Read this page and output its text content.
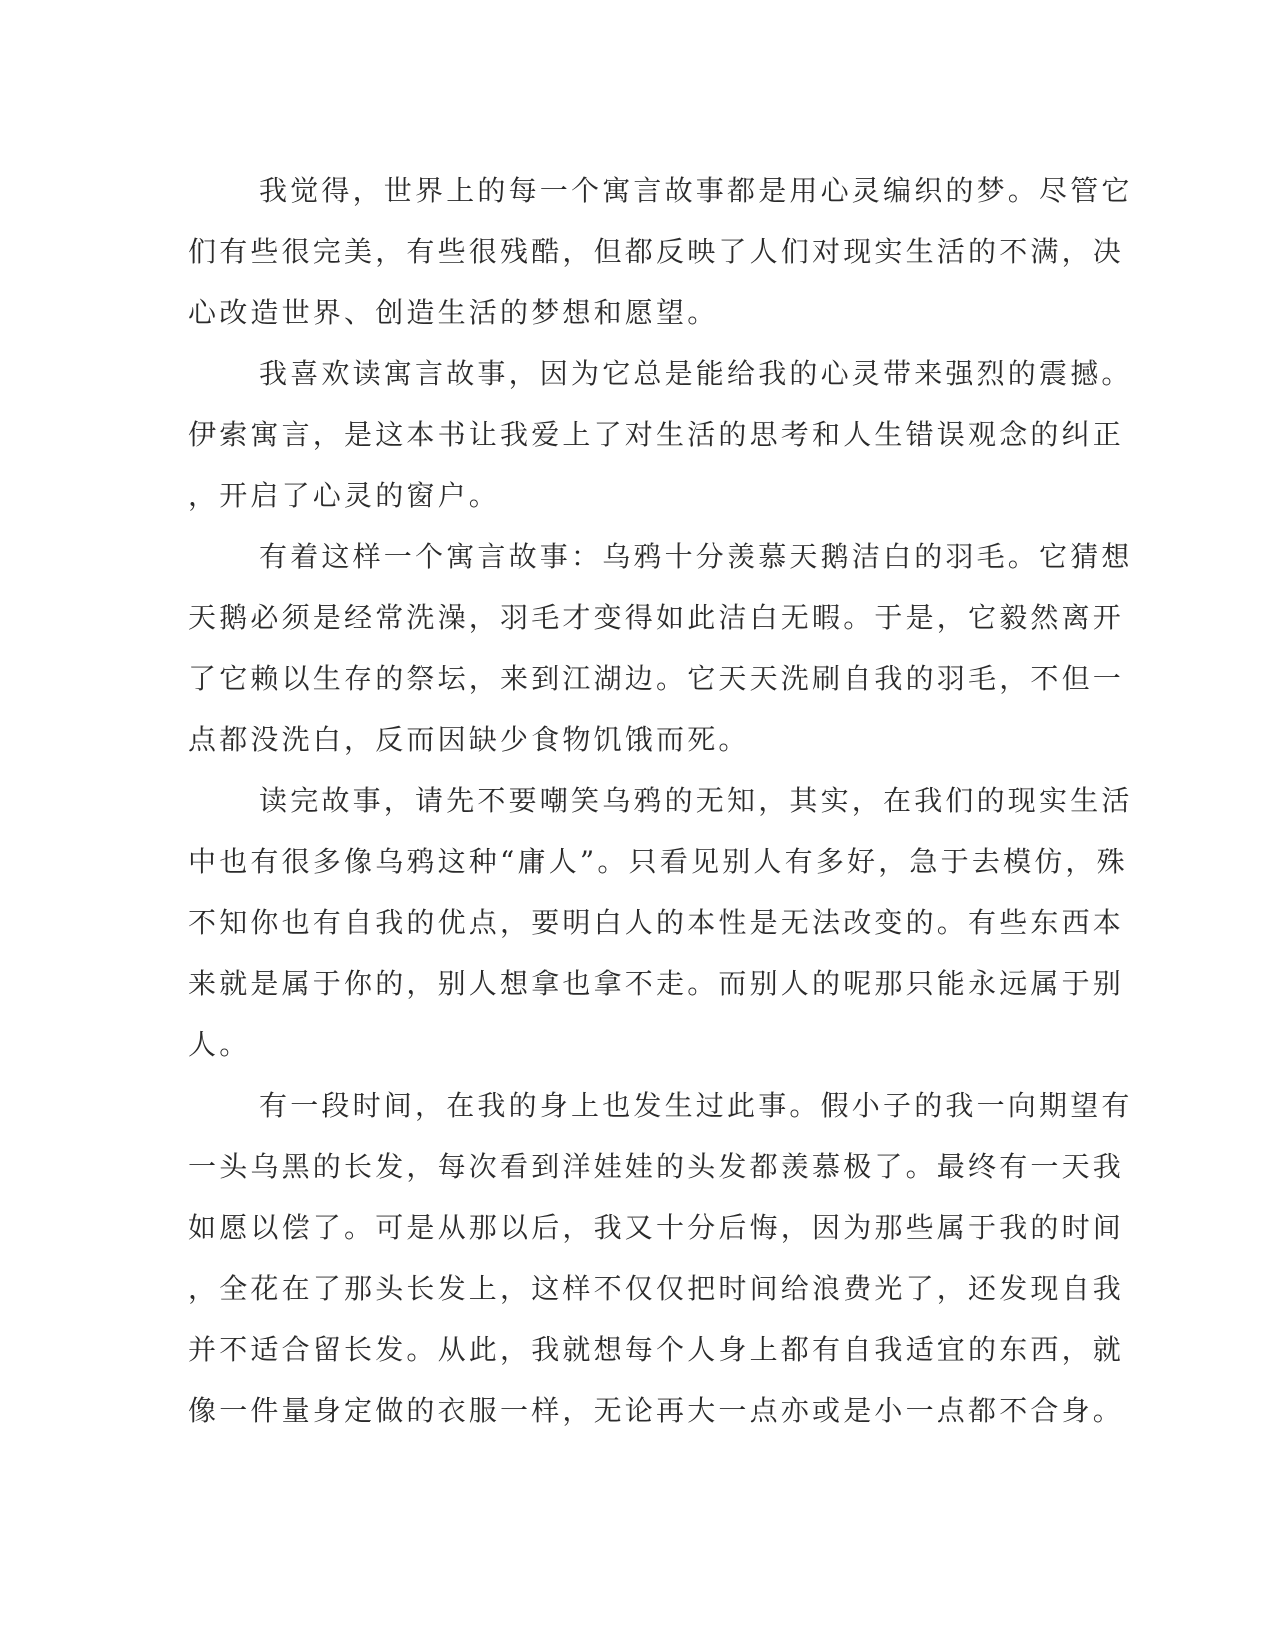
我觉得，世界上的每一个寓言故事都是用心灵编织的梦。尽管它
们有些很完美，有些很残酷，但都反映了人们对现实生活的不满，决
心改造世界、创造生活的梦想和愿望。
我喜欢读寓言故事，因为它总是能给我的心灵带来强烈的震撼。
伊索寓言，是这本书让我爱上了对生活的思考和人生错误观念的纠正
，开启了心灵的窗户。
有着这样一个寓言故事：乌鸦十分羡慕天鹅洁白的羽毛。它猜想
天鹅必须是经常洗澡，羽毛才变得如此洁白无暇。于是，它毅然离开
了它赖以生存的祭坛，来到江湖边。它天天洗刷自我的羽毛，不但一
点都没洗白，反而因缺少食物饥饿而死。
读完故事，请先不要嘲笑乌鸦的无知，其实，在我们的现实生活
中也有很多像乌鸦这种“庸人”。只看见别人有多好，急于去模仿，殊
不知你也有自我的优点，要明白人的本性是无法改变的。有些东西本
来就是属于你的，别人想拿也拿不走。而别人的呢那只能永远属于别
人。
有一段时间，在我的身上也发生过此事。假小子的我一向期望有
一头乌黑的长发，每次看到洋娃娃的头发都羡慕极了。最终有一天我
如愿以偿了。可是从那以后，我又十分后悔，因为那些属于我的时间
，全花在了那头长发上，这样不仅仅把时间给浪费光了，还发现自我
并不适合留长发。从此，我就想每个人身上都有自我适宜的东西，就
像一件量身定做的衣服一样，无论再大一点亦或是小一点都不合身。
